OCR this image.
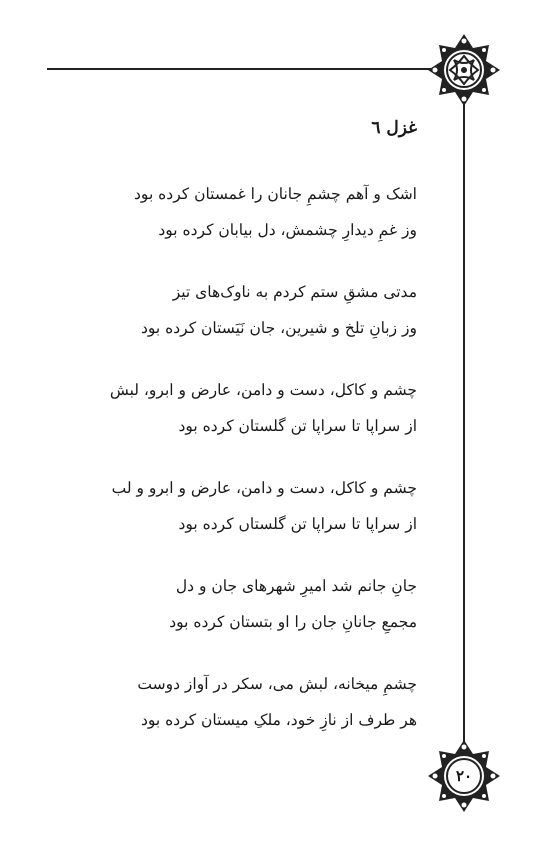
٢٠
غزل ٦
اشک و آهم چشمِ جانان را غمستان کرده بود
وز غمِ دیدارِ چشمش، دل بیابان کرده بود
مدتی مشقِ ستم کردم به ناوک‌های تیز
وز زبانِ تلخ و شیرین، جان نَیَستان کرده بود
چشم و کاکل، دست و دامن، عارض و ابرو، لبش
از سراپا تا سراپا تن گلستان کرده بود
چشم و کاکل، دست و دامن، عارض و ابرو و لب
از سراپا تا سراپا تن گلستاں کرده بود
جانِ جانم شد امیرِ شهرهای جان و دل
مجمعِ جانانِ جان را او بتستان کرده بود
چشمِ میخانه، لبش می، سکر در آواز دوست
هر طرف از نازِ خود، ملکِ میستان کرده بود
